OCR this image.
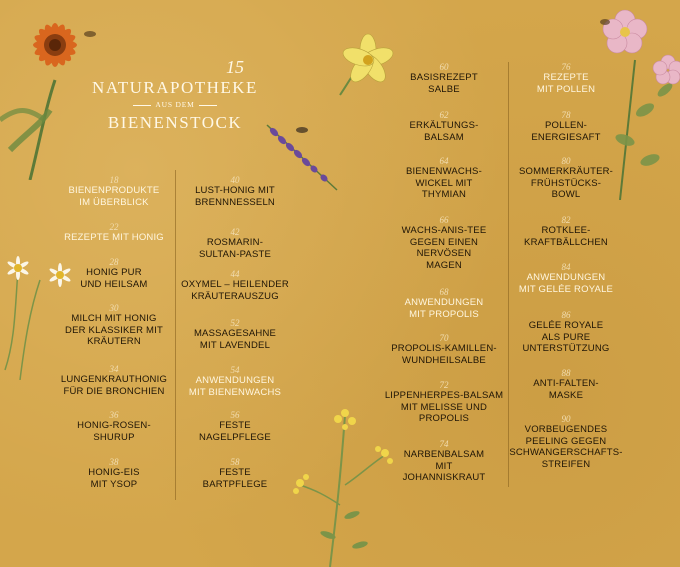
15
NATURAPOTHEKE
AUS DEM
BIENENSTOCK
18
BIENENPRODUKTE
IM ÜBERBLICK
22
REZEPTE MIT HONIG
28
HONIG PUR
UND HEILSAM
30
MILCH MIT HONIG
DER KLASSIKER MIT
KRÄUTERN
34
LUNGENKRAUTHONIG
FÜR DIE BRONCHIEN
36
HONIG-ROSEN-
SHURUP
38
HONIG-EIS
MIT YSOP
40
LUST-HONIG MIT
BRENNNESSELN
42
ROSMARIN-
SULTAN-PASTE
44
OXYMEL – HEILENDER
KRÄUTERAUSZUG
52
MASSAGESAHNE
MIT LAVENDEL
54
ANWENDUNGEN
MIT BIENENWACHS
56
FESTE
NAGELPFLEGE
58
FESTE
BARTPFLEGE
60
BASISREZEPT
SALBE
62
ERKÄLTUNGS-
BALSAM
64
BIENENWACHS-
WICKEL MIT
THYMIAN
66
WACHS-ANIS-TEE
GEGEN EINEN
NERVÖSEN
MAGEN
68
ANWENDUNGEN
MIT PROPOLIS
70
PROPOLIS-KAMILLEN-
WUNDHEILSALBE
72
LIPPENHERPES-BALSAM
MIT MELISSE UND
PROPOLIS
74
NARBENBALSAM
MIT
JOHANNISKRAUT
76
REZEPTE
MIT POLLEN
78
POLLEN-
ENERGIESAFT
80
SOMMERKRÄUTER-
FRÜHSTÜCKS-
BOWL
82
ROTKLEE-
KRAFTBÄLLCHEN
84
ANWENDUNGEN
MIT GELÉE ROYALE
86
GELÉE ROYALE
ALS PURE
UNTERSTÜTZUNG
88
ANTI-FALTEN-
MASKE
90
VORBEUGENDES
PEELING GEGEN
SCHWANGERSCHAFTS-
STREIFEN
